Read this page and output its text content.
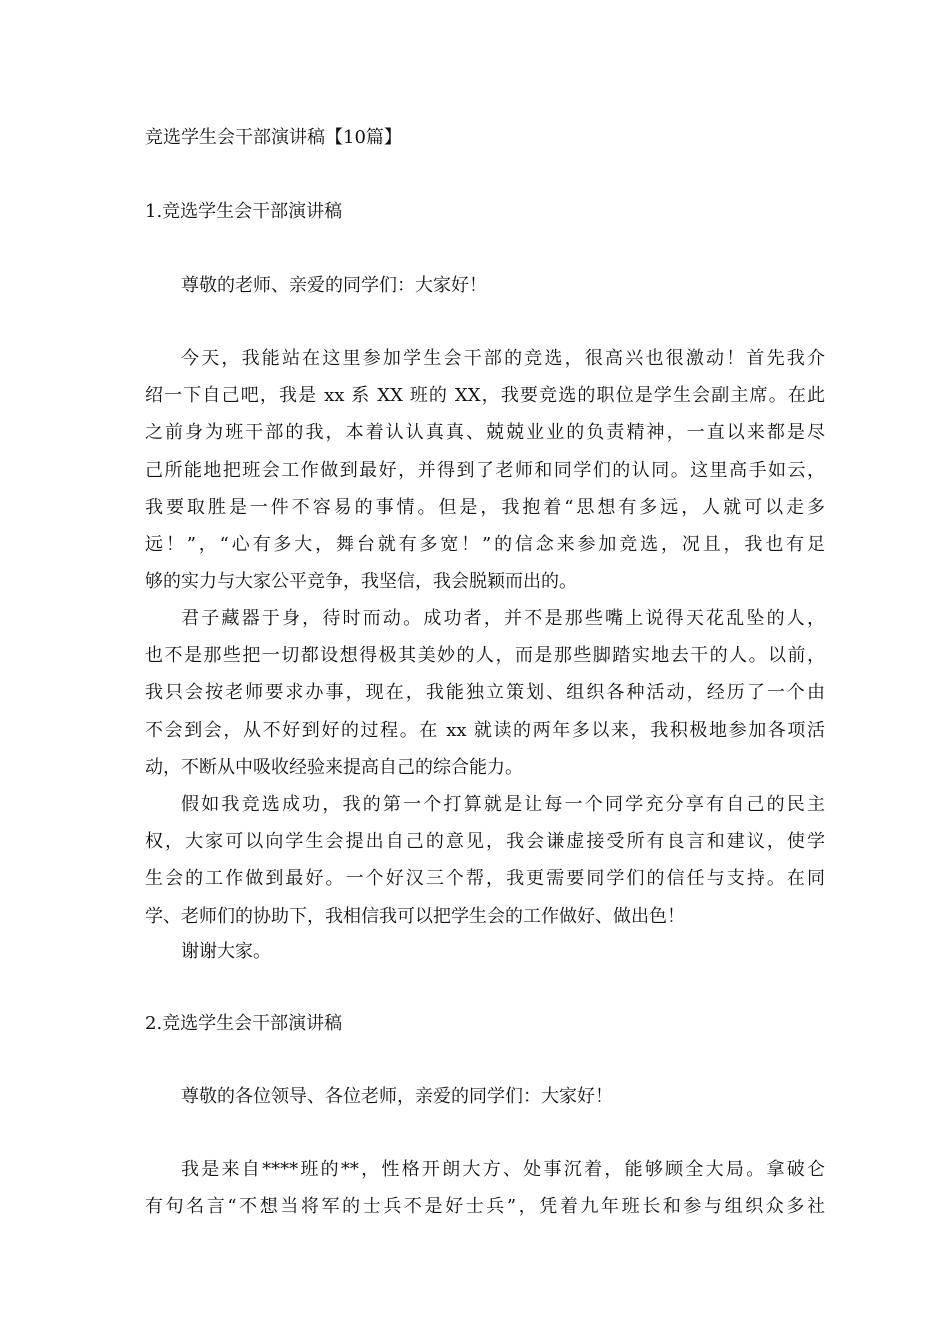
竞选学生会干部演讲稿【10篇】
1.竞选学生会干部演讲稿
尊敬的老师、亲爱的同学们：大家好！
今天，我能站在这里参加学生会干部的竞选，很高兴也很激动！首先我介
绍一下自己吧，我是 xx 系 XX 班的 XX，我要竞选的职位是学生会副主席。在此
之前身为班干部的我，本着认认真真、兢兢业业的负责精神，一直以来都是尽
己所能地把班会工作做到最好，并得到了老师和同学们的认同。这里高手如云，
我要取胜是一件不容易的事情。但是，我抱着“思想有多远，人就可以走多
远！”，“心有多大，舞台就有多宽！”的信念来参加竞选，况且，我也有足
够的实力与大家公平竞争，我坚信，我会脱颖而出的。
君子藏器于身，待时而动。成功者，并不是那些嘴上说得天花乱坠的人，
也不是那些把一切都设想得极其美妙的人，而是那些脚踏实地去干的人。以前，
我只会按老师要求办事，现在，我能独立策划、组织各种活动，经历了一个由
不会到会，从不好到好的过程。在 xx 就读的两年多以来，我积极地参加各项活
动，不断从中吸收经验来提高自己的综合能力。
假如我竞选成功，我的第一个打算就是让每一个同学充分享有自己的民主
权，大家可以向学生会提出自己的意见，我会谦虚接受所有良言和建议，使学
生会的工作做到最好。一个好汉三个帮，我更需要同学们的信任与支持。在同
学、老师们的协助下，我相信我可以把学生会的工作做好、做出色！
谢谢大家。
2.竞选学生会干部演讲稿
尊敬的各位领导、各位老师，亲爱的同学们：大家好！
我是来自****班的**，性格开朗大方、处事沉着，能够顾全大局。拿破仑
有句名言“不想当将军的士兵不是好士兵”，凭着九年班长和参与组织众多社
